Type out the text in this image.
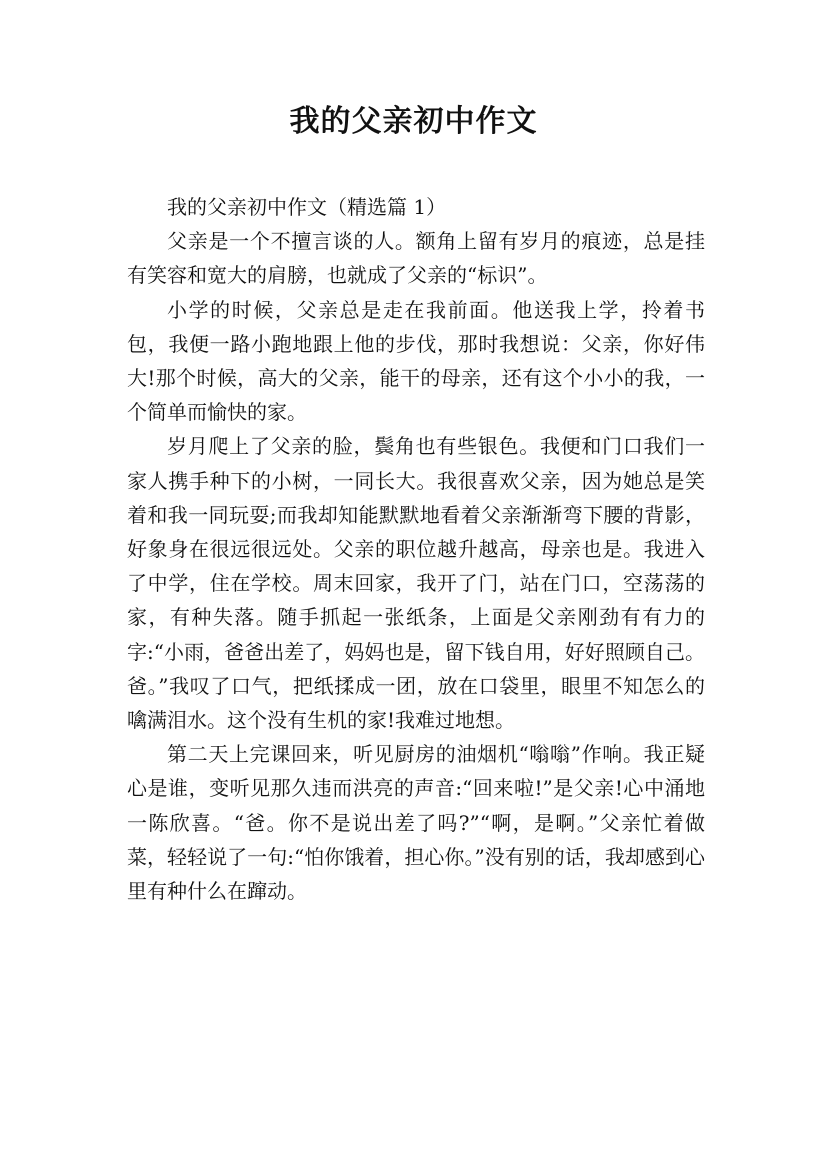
我的父亲初中作文

我的父亲初中作文（精选篇 1）

父亲是一个不擅言谈的人。额角上留有岁月的痕迹，总是挂有笑容和宽大的肩膀，也就成了父亲的“标识”。

小学的时候，父亲总是走在我前面。他送我上学，拎着书包，我便一路小跑地跟上他的步伐，那时我想说：父亲，你好伟大!那个时候，高大的父亲，能干的母亲，还有这个小小的我，一个简单而愉快的家。

岁月爬上了父亲的脸，鬓角也有些银色。我便和门口我们一家人携手种下的小树，一同长大。我很喜欢父亲，因为她总是笑着和我一同玩耍;而我却知能默默地看着父亲渐渐弯下腰的背影，好象身在很远很远处。父亲的职位越升越高，母亲也是。我进入了中学，住在学校。周末回家，我开了门，站在门口，空荡荡的家，有种失落。随手抓起一张纸条，上面是父亲刚劲有有力的字:“小雨，爸爸出差了，妈妈也是，留下钱自用，好好照顾自己。爸。”我叹了口气，把纸揉成一团，放在口袋里，眼里不知怎么的噙满泪水。这个没有生机的家!我难过地想。

第二天上完课回来，听见厨房的油烟机“嗡嗡”作响。我正疑心是谁，变听见那久违而洪亮的声音:“回来啦!”是父亲!心中涌地一陈欣喜。“爸。你不是说出差了吗?”“啊，是啊。”父亲忙着做菜，轻轻说了一句:“怕你饿着，担心你。”没有别的话，我却感到心里有种什么在蹿动。
